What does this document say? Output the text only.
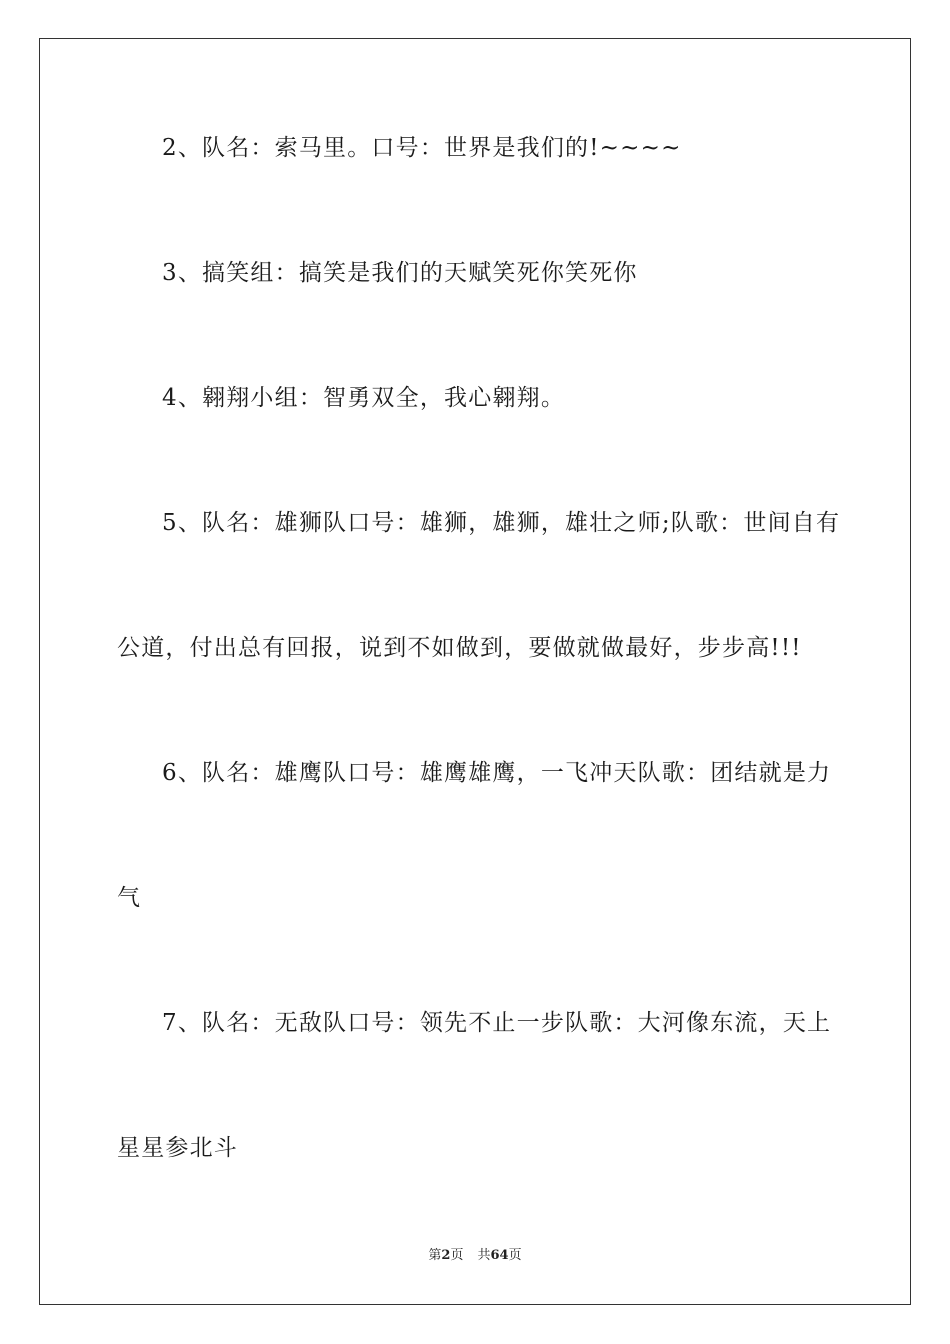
2、队名：索马里。口号：世界是我们的!~~~~
3、搞笑组：搞笑是我们的天赋笑死你笑死你
4、翱翔小组：智勇双全，我心翱翔。
5、队名：雄狮队口号：雄狮，雄狮，雄壮之师;队歌：世间自有
公道，付出总有回报，说到不如做到，要做就做最好，步步高!!!
6、队名：雄鹰队口号：雄鹰雄鹰，一飞冲天队歌：团结就是力
气
7、队名：无敌队口号：领先不止一步队歌：大河像东流，天上
星星参北斗
第2页 共64页
